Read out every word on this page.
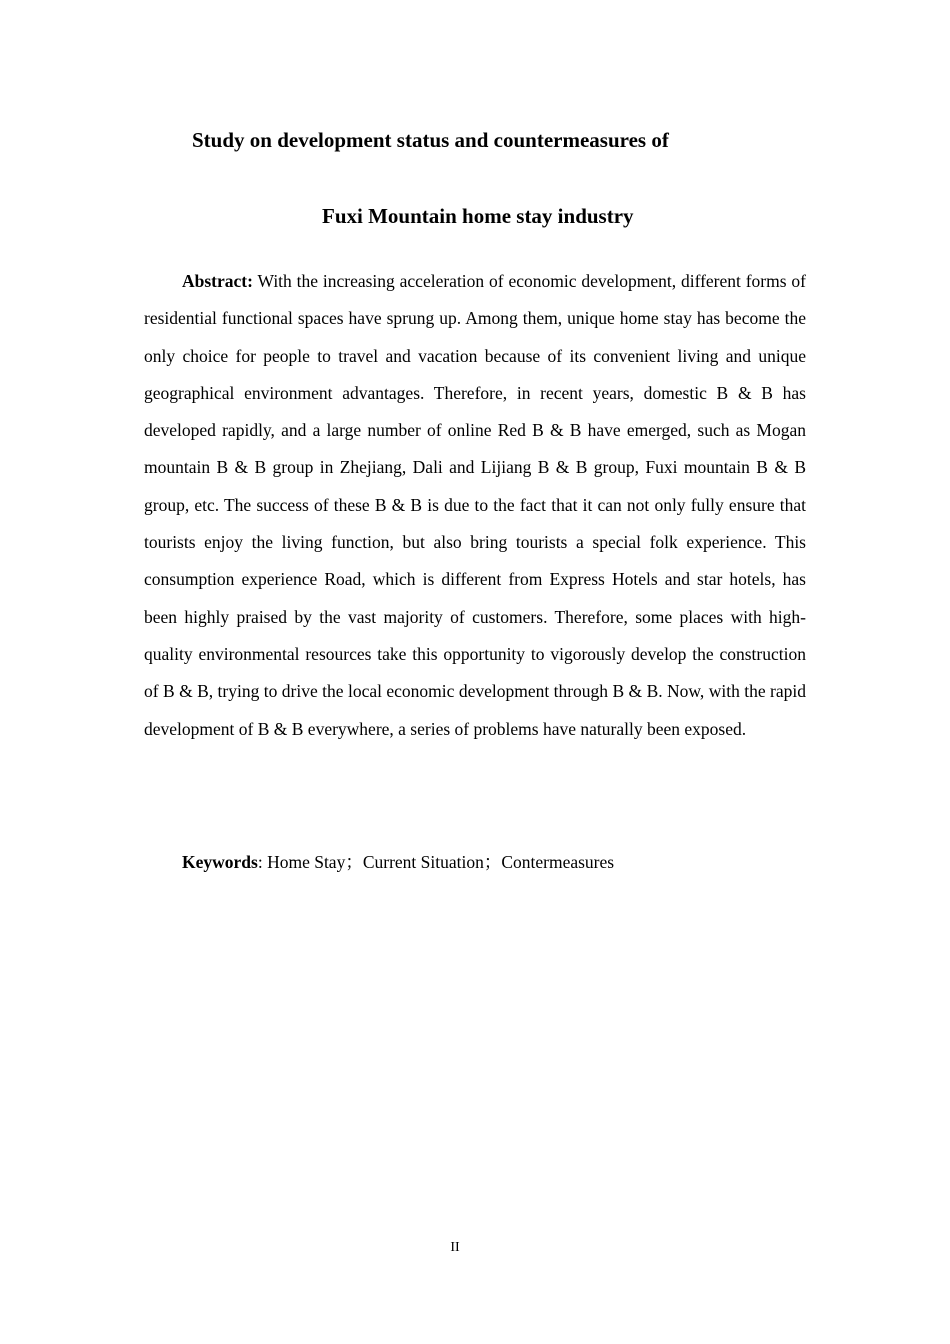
Study on development status and countermeasures of
Fuxi Mountain home stay industry

Abstract: With the increasing acceleration of economic development, different forms of residential functional spaces have sprung up. Among them, unique home stay has become the only choice for people to travel and vacation because of its convenient living and unique geographical environment advantages. Therefore, in recent years, domestic B & B has developed rapidly, and a large number of online Red B & B have emerged, such as Mogan mountain B & B group in Zhejiang, Dali and Lijiang B & B group, Fuxi mountain B & B group, etc. The success of these B & B is due to the fact that it can not only fully ensure that tourists enjoy the living function, but also bring tourists a special folk experience. This consumption experience Road, which is different from Express Hotels and star hotels, has been highly praised by the vast majority of customers. Therefore, some places with high-quality environmental resources take this opportunity to vigorously develop the construction of B & B, trying to drive the local economic development through B & B. Now, with the rapid development of B & B everywhere, a series of problems have naturally been exposed.

Keywords: Home Stay；Current Situation；Contermeasures
II
